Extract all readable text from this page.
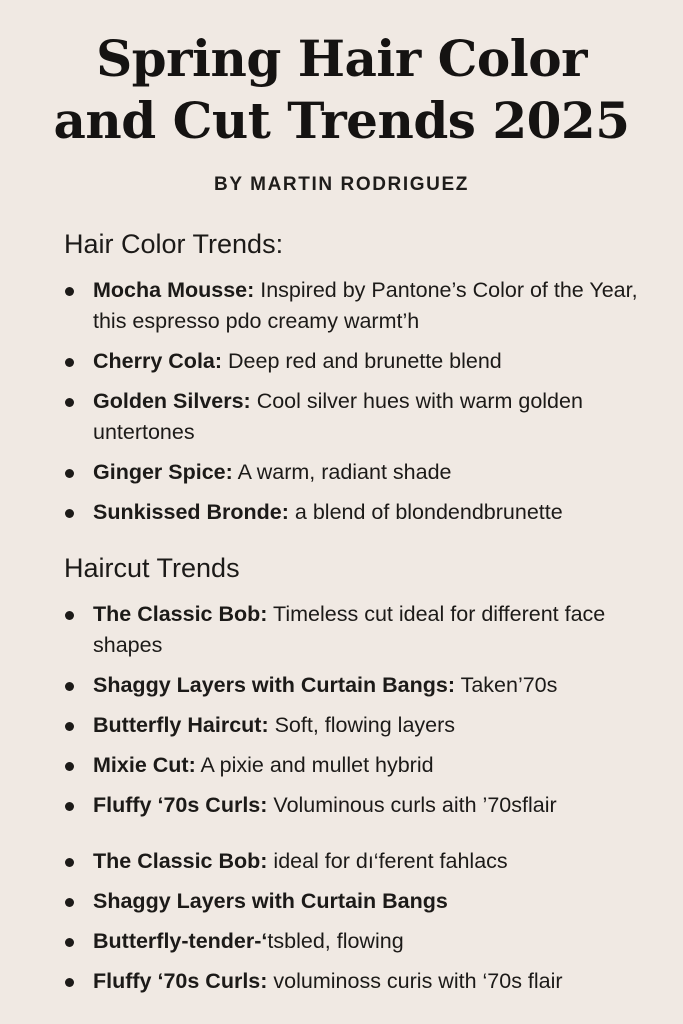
Spring Hair Color
and Cut Trends 2025
BY MARTIN RODRIGUEZ
Hair Color Trends:
Mocha Mousse: Inspired by Pantone’s Color of the Year, this espresso pdo creamy warmt’h
Cherry Cola: Deep red and brunette blend
Golden Silvers: Cool silver hues with warm golden untertones
Ginger Spice: A warm, radiant shade
Sunkissed Bronde: a blend of blondendbrunette
Haircut Trends
The Classic Bob: Timeless cut ideal for different face shapes
Shaggy Layers with Curtain Bangs: Taken’70s
Butterfly Haircut: Soft, flowing layers
Mixie Cut: A pixie and mullet hybrid
Fluffy ‘70s Curls: Voluminous curls aith ’70sflair
The Classic Bob: ideal for dı‘ferent fahlacs
Shaggy Layers with Curtain Bangs
Butterfly-tender-‘tsbled, flowing
Fluffy ‘70s Curls: voluminoss curis with ‘70s flair
